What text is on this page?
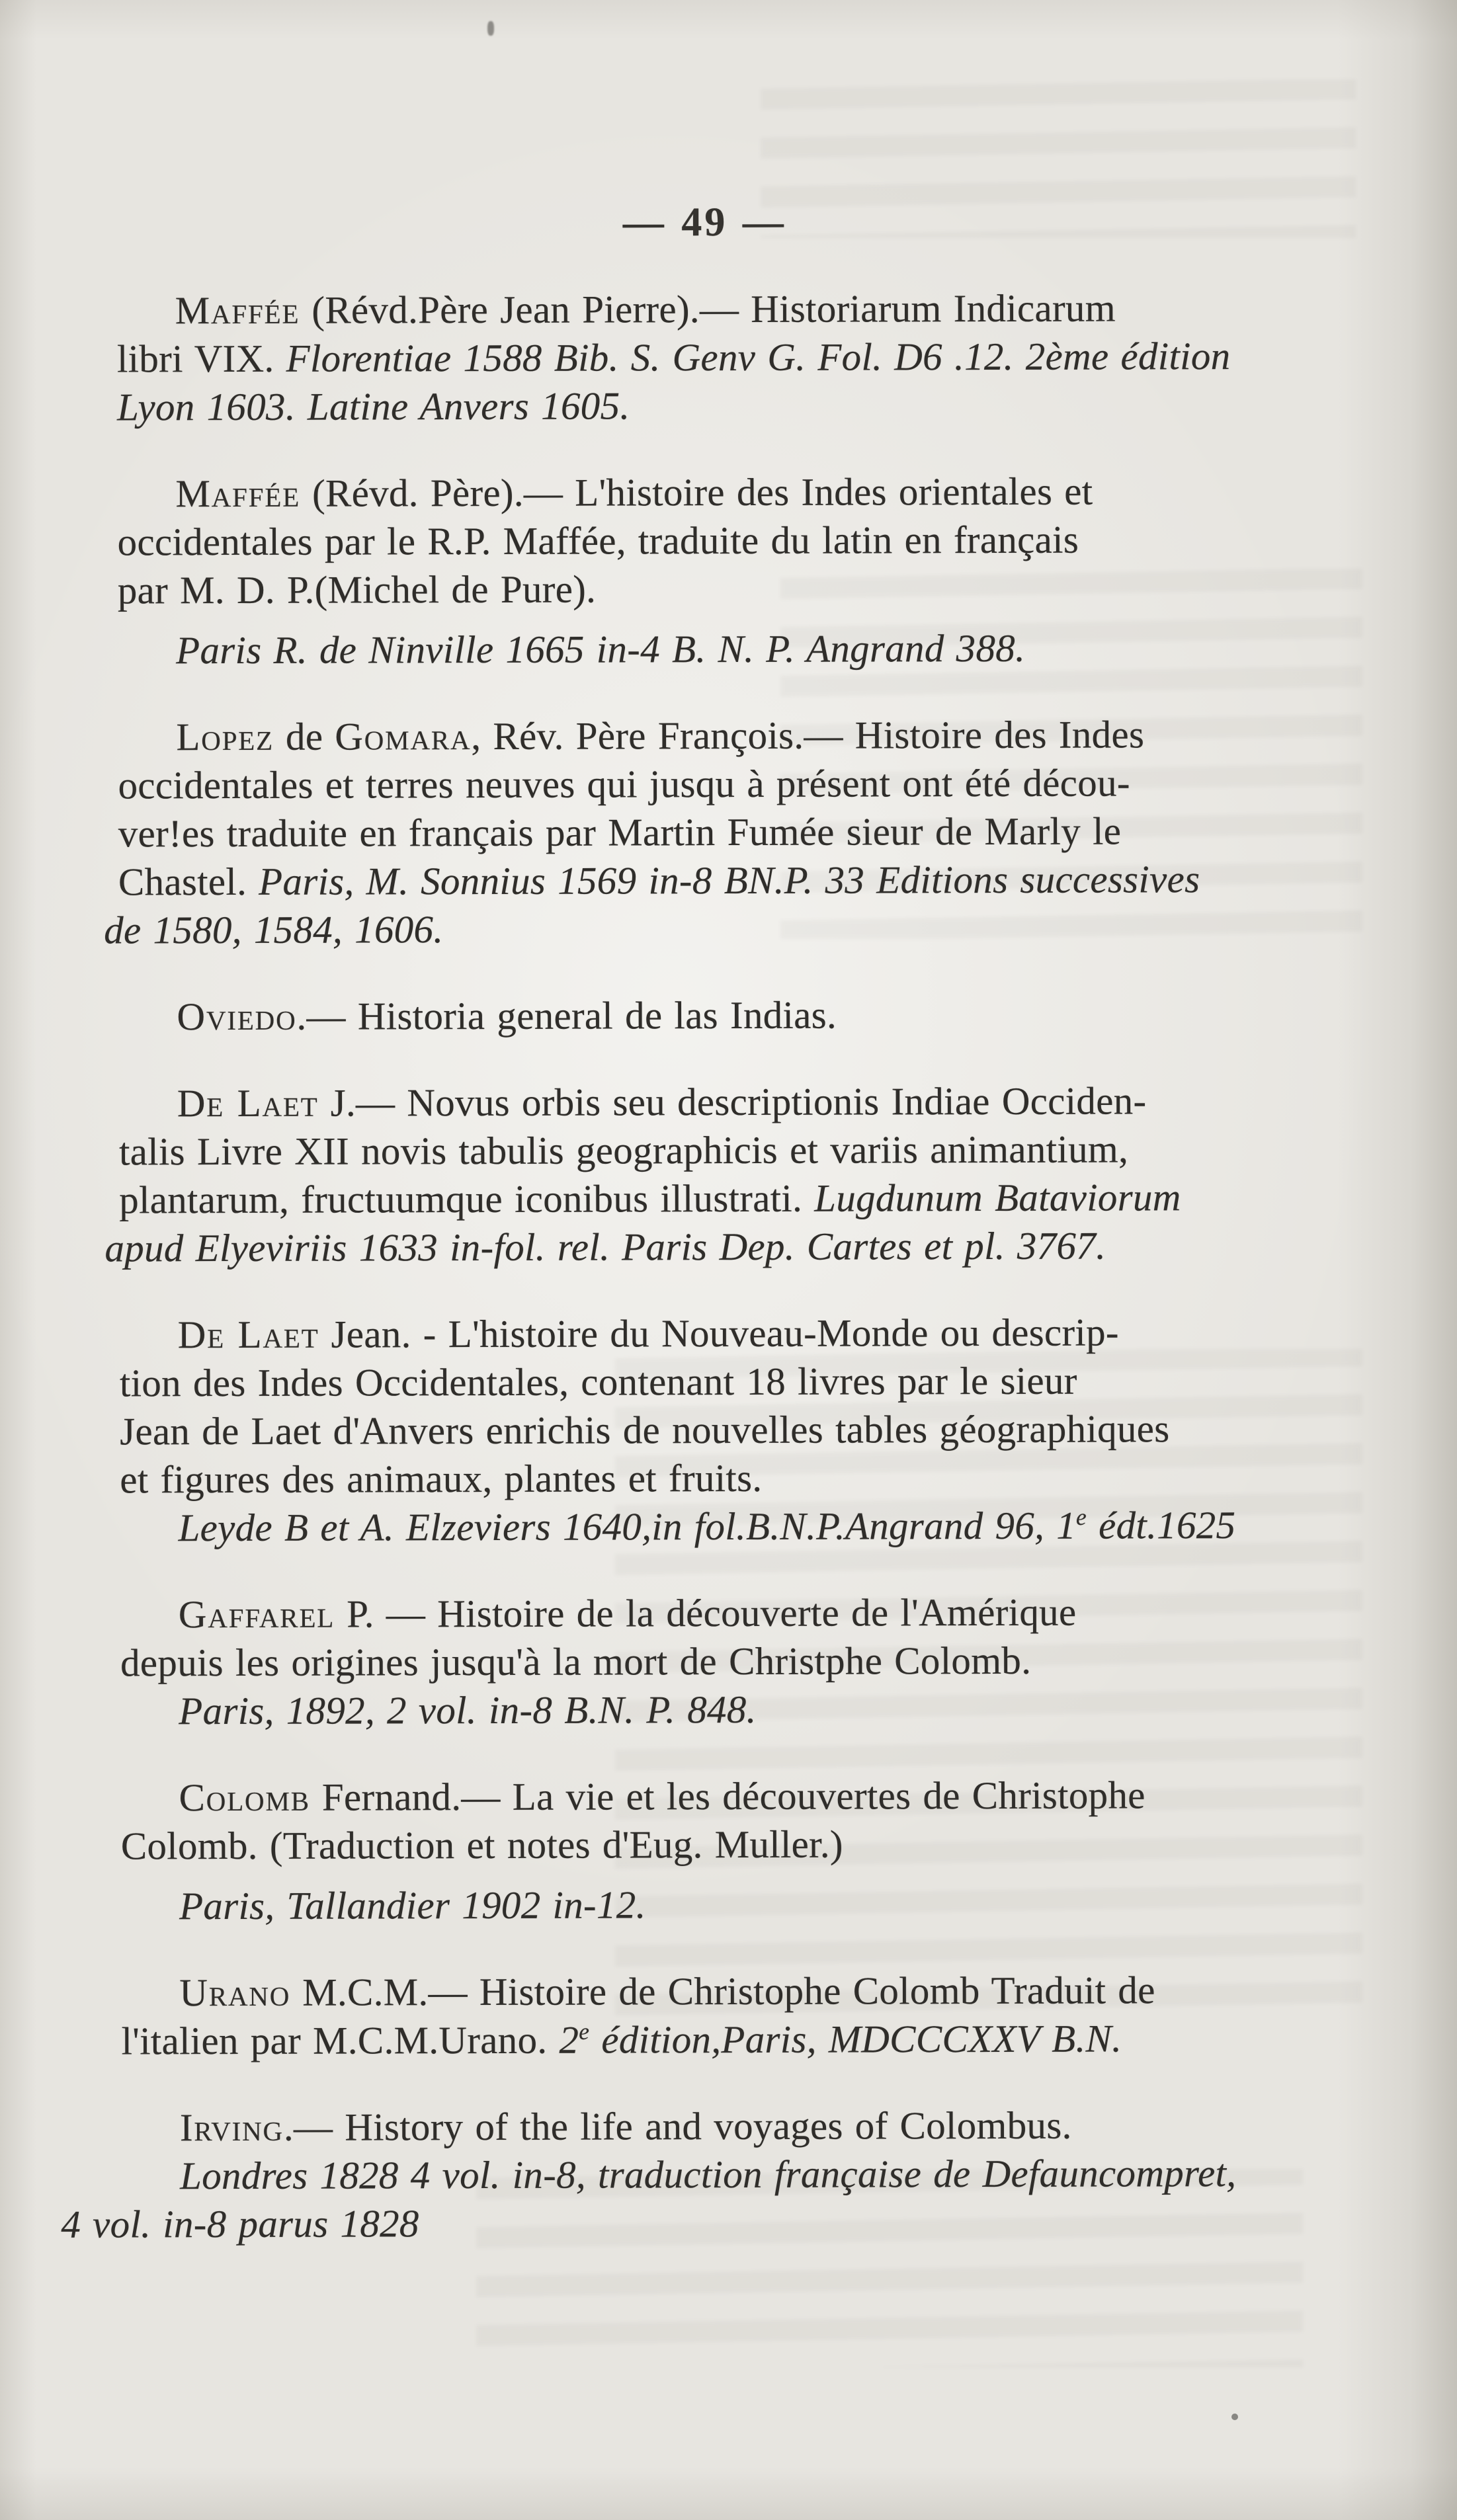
— 49 —

Maffée (Révd.Père Jean Pierre).— Historiarum Indicarum
libri VIX. Florentiae 1588 Bib. S. Genv G. Fol. D6 .12. 2ème édition
Lyon 1603. Latine Anvers 1605.

Maffée (Révd. Père).— L'histoire des Indes orientales et
occidentales par le R.P. Maffée, traduite du latin en français
par M. D. P.(Michel de Pure).
Paris R. de Ninville 1665 in-4 B. N. P. Angrand 388.

Lopez de Gomara, Rév. Père François.— Histoire des Indes
occidentales et terres neuves qui jusqu à présent ont été décou-
ver!es traduite en français par Martin Fumée sieur de Marly le
Chastel. Paris, M. Sonnius 1569 in-8 BN.P. 33 Editions successives
de 1580, 1584, 1606.

Oviedo.— Historia general de las Indias.

De Laet J.— Novus orbis seu descriptionis Indiae Occiden-
talis Livre XII novis tabulis geographicis et variis animantium,
plantarum, fructuumque iconibus illustrati. Lugdunum Bataviorum
apud Elyeviriis 1633 in-fol. rel. Paris Dep. Cartes et pl. 3767.

De Laet Jean. - L'histoire du Nouveau-Monde ou descrip-
tion des Indes Occidentales, contenant 18 livres par le sieur
Jean de Laet d'Anvers enrichis de nouvelles tables géographiques
et figures des animaux, plantes et fruits.
Leyde B et A. Elzeviers 1640,in fol.B.N.P.Angrand 96, 1e édt.1625

Gaffarel P. — Histoire de la découverte de l'Amérique
depuis les origines jusqu'à la mort de Christphe Colomb.
Paris, 1892, 2 vol. in-8 B.N. P. 848.

Colomb Fernand.— La vie et les découvertes de Christophe
Colomb. (Traduction et notes d'Eug. Muller.)
Paris, Tallandier 1902 in-12.

Urano M.C.M.— Histoire de Christophe Colomb Traduit de
l'italien par M.C.M.Urano. 2e édition,Paris, MDCCCXXV B.N.

Irving.— History of the life and voyages of Colombus.
Londres 1828 4 vol. in-8, traduction française de Defauncompret,
4 vol. in-8 parus 1828
